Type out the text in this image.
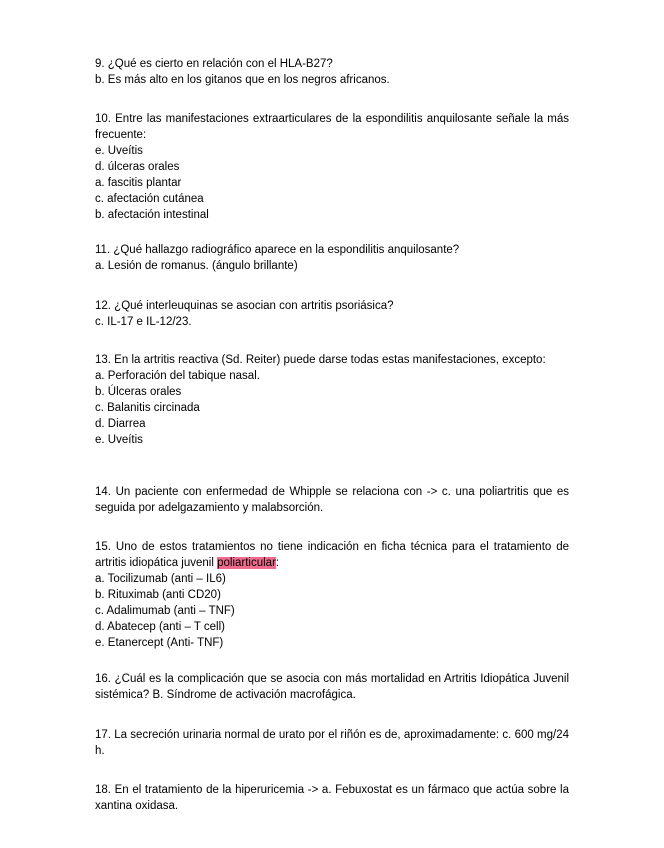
9. ¿Qué es cierto en relación con el HLA-B27?

b. Es más alto en los gitanos que en los negros africanos.

10. Entre las manifestaciones extraarticulares de la espondilitis anquilosante señale la más frecuente:

e. Uveítis

d. úlceras orales

a. fascitis plantar

c. afectación cutánea

b. afectación intestinal

11. ¿Qué hallazgo radiográfico aparece en la espondilitis anquilosante?

a. Lesión de romanus. (ángulo brillante)

12. ¿Qué interleuquinas se asocian con artritis psoriásica?

c. IL-17 e IL-12/23.

13. En la artritis reactiva (Sd. Reiter) puede darse todas estas manifestaciones, excepto:

a. Perforación del tabique nasal.

b. Úlceras orales

c. Balanitis circinada

d. Diarrea

e. Uveítis

14. Un paciente con enfermedad de Whipple se relaciona con -> c. una poliartritis que es seguida por adelgazamiento y malabsorción.

15. Uno de estos tratamientos no tiene indicación en ficha técnica para el tratamiento de artritis idiopática juvenil poliarticular:

a. Tocilizumab (anti – IL6)

b. Rituximab (anti CD20)

c. Adalimumab (anti – TNF)

d. Abatecep (anti – T cell)

e. Etanercept (Anti- TNF)

16. ¿Cuál es la complicación que se asocia con más mortalidad en Artritis Idiopática Juvenil sistémica? B. Síndrome de activación macrofágica.

17. La secreción urinaria normal de urato por el riñón es de, aproximadamente: c. 600 mg/24 h.

18. En el tratamiento de la hiperuricemia -> a. Febuxostat es un fármaco que actúa sobre la xantina oxidasa.
